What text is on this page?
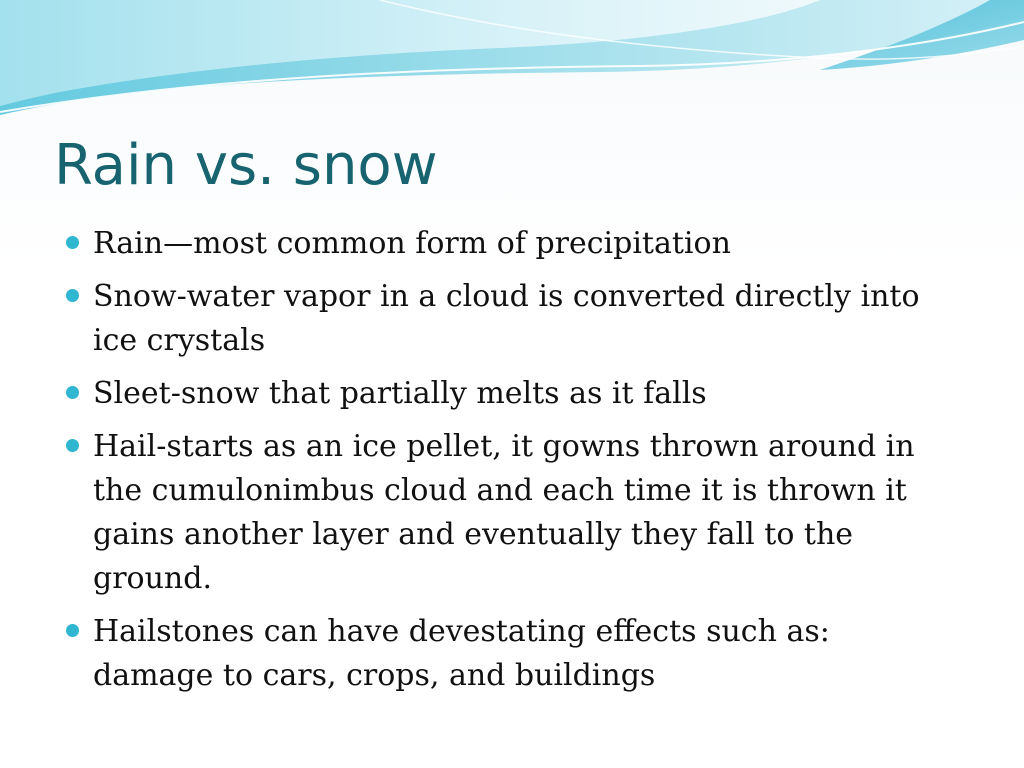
Rain vs. snow
Rain—most common form of precipitation
Snow-water vapor in a cloud is converted directly into ice crystals
Sleet-snow that partially melts as it falls
Hail-starts as an ice pellet, it gowns thrown around in the cumulonimbus cloud and each time it is thrown it gains another layer and eventually they fall to the ground.
Hailstones can have devestating effects such as: damage to cars, crops, and buildings
